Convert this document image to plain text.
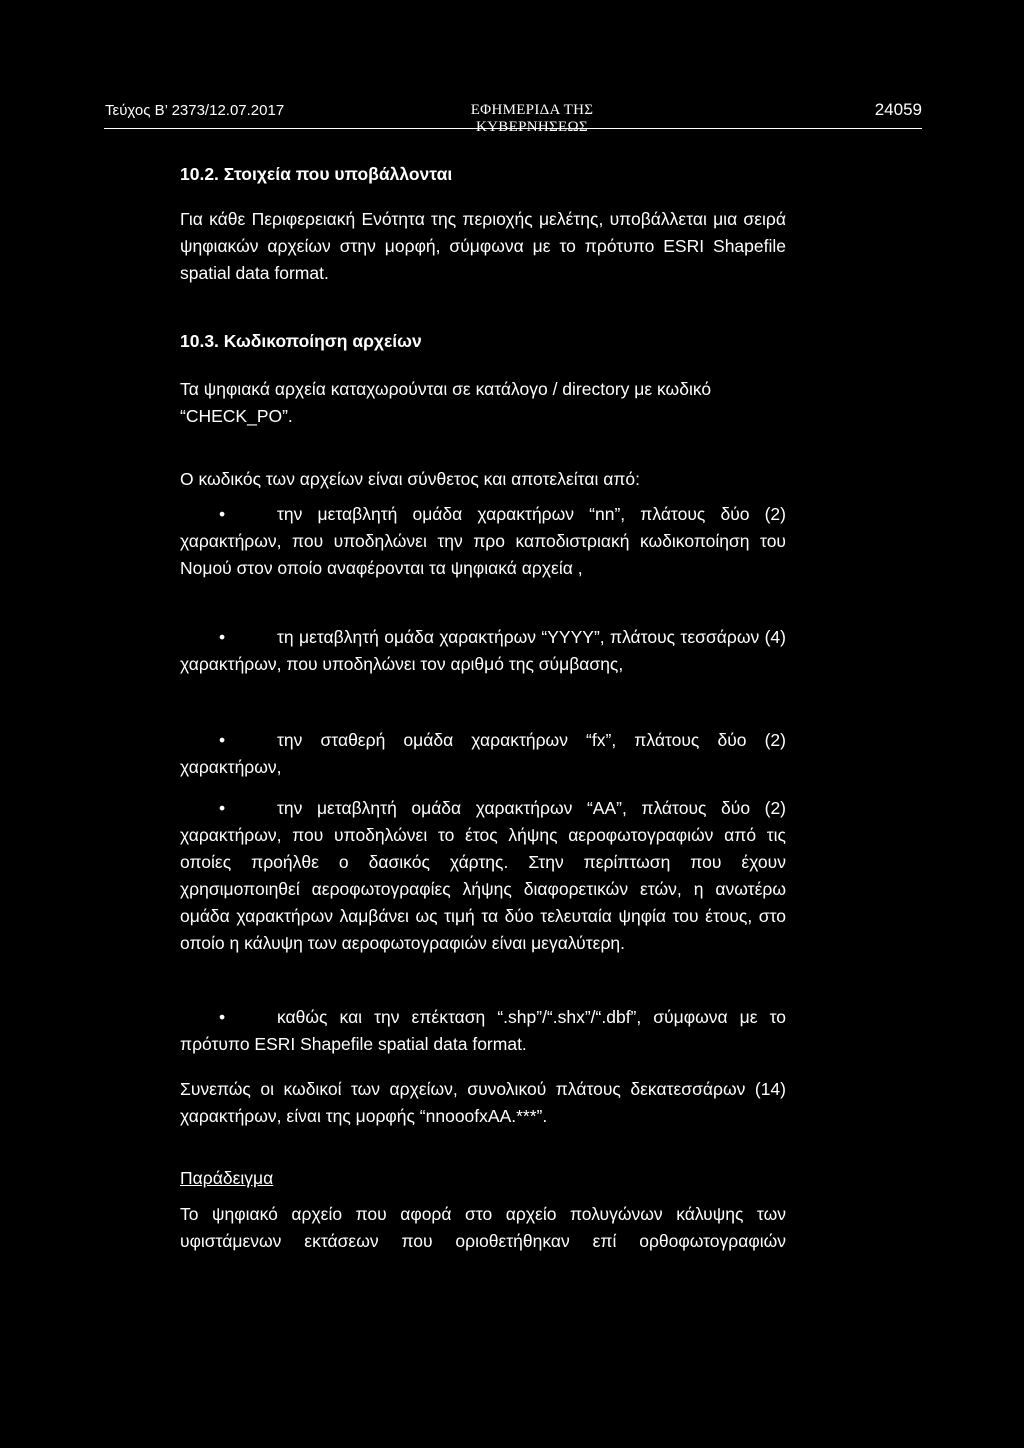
Τεύχος Β’ 2373/12.07.2017	ΕΦΗΜΕΡΙΔΑ ΤΗΣ ΚΥΒΕΡΝΗΣΕΩΣ
24059
10.2. Στοιχεία που υποβάλλονται
Για κάθε Περιφερειακή Ενότητα της περιοχής μελέτης, υποβάλλεται μια σειρά ψηφιακών αρχείων στην μορφή, σύμφωνα με το πρότυπο ESRI Shapefile spatial data format.
10.3. Κωδικοποίηση αρχείων
Τα ψηφιακά αρχεία καταχωρούνται σε κατάλογο / directory με κωδικό “CHECK_PO”.
Ο κωδικός των αρχείων είναι σύνθετος και αποτελείται από:
•	την μεταβλητή ομάδα χαρακτήρων “nn”, πλάτους δύο (2) χαρακτήρων, που υποδηλώνει την προ καποδιστριακή κωδικοποίηση του Νομού στον οποίο αναφέρονται τα ψηφιακά αρχεία ,
•	τη μεταβλητή ομάδα χαρακτήρων “YYYY”, πλάτους τεσσάρων (4) χαρακτήρων, που υποδηλώνει τον αριθμό της σύμβασης,
•	την σταθερή ομάδα χαρακτήρων “fx”, πλάτους δύο (2) χαρακτήρων,
•	την μεταβλητή ομάδα χαρακτήρων “AA”, πλάτους δύο (2) χαρακτήρων, που υποδηλώνει το έτος λήψης αεροφωτογραφιών από τις οποίες προήλθε ο δασικός χάρτης. Στην περίπτωση που έχουν χρησιμοποιηθεί αεροφωτογραφίες λήψης διαφορετικών ετών, η ανωτέρω ομάδα χαρακτήρων λαμβάνει ως τιμή τα δύο τελευταία ψηφία του έτους, στο οποίο η κάλυψη των αεροφωτογραφιών είναι μεγαλύτερη.
•	καθώς και την επέκταση “.shp”/“.shx”/“.dbf”, σύμφωνα με το πρότυπο ESRI Shapefile spatial data format.
Συνεπώς οι κωδικοί των αρχείων, συνολικού πλάτους δεκατεσσάρων (14) χαρακτήρων, είναι της μορφής “nnooofxAA.***”.
Παράδειγμα
Το ψηφιακό αρχείο που αφορά στο αρχείο πολυγώνων κάλυψης των υφιστάμενων εκτάσεων που οριοθετήθηκαν επί ορθοφωτογραφιών
